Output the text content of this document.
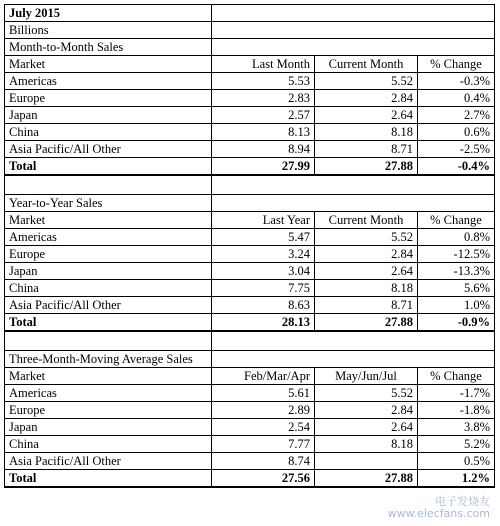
July 2015			
Billions			
Month-to-Month Sales			
Market	Last Month	Current Month	% Change
Americas	5.53	5.52	-0.3%
Europe	2.83	2.84	0.4%
Japan	2.57	2.64	2.7%
China	8.13	8.18	0.6%
Asia Pacific/All Other	8.94	8.71	-2.5%
Total	27.99	27.88	-0.4%

Year-to-Year Sales			
Market	Last Year	Current Month	% Change
Americas	5.47	5.52	0.8%
Europe	3.24	2.84	-12.5%
Japan	3.04	2.64	-13.3%
China	7.75	8.18	5.6%
Asia Pacific/All Other	8.63	8.71	1.0%
Total	28.13	27.88	-0.9%

Three-Month-Moving Average Sales			
Market	Feb/Mar/Apr	May/Jun/Jul	% Change
Americas	5.61	5.52	-1.7%
Europe	2.89	2.84	-1.8%
Japan	2.54	2.64	3.8%
China	7.77	8.18	5.2%
Asia Pacific/All Other	8.74		0.5%
Total	27.56	27.88	1.2%
电子发烧友
www.elecfans.com
